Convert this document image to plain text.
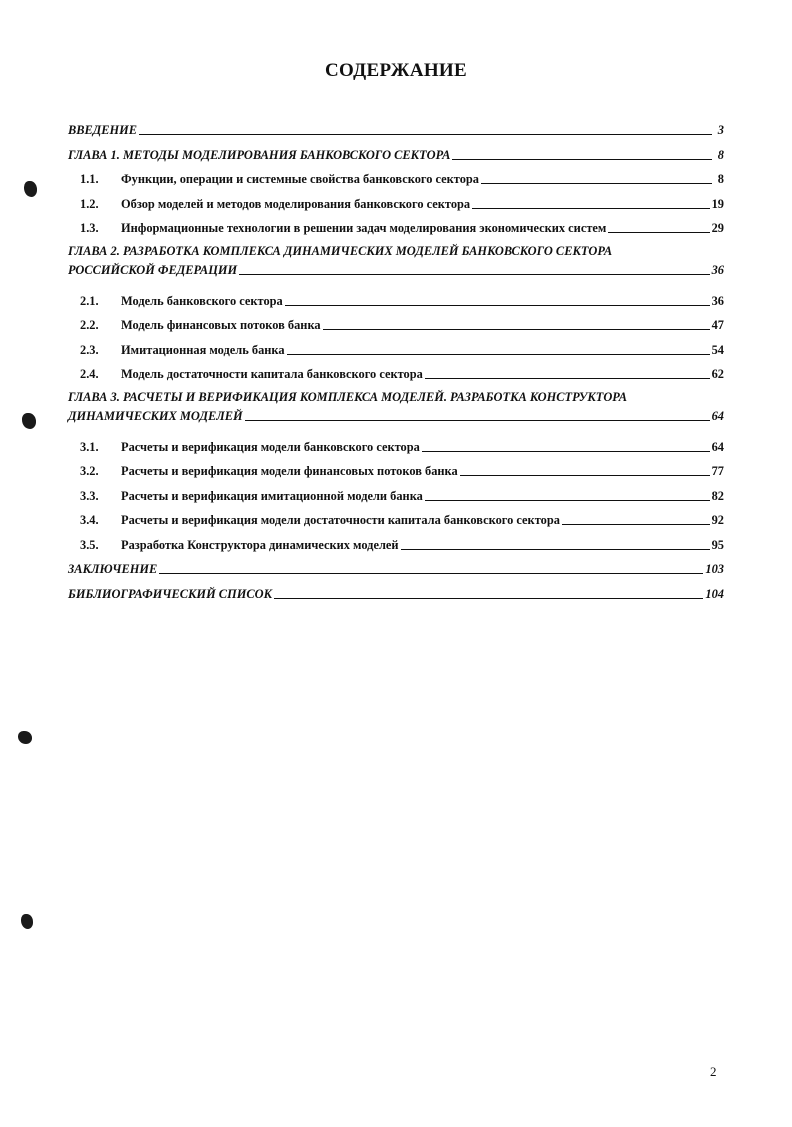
СОДЕРЖАНИЕ
ВВЕДЕНИЕ	3
ГЛАВА 1. МЕТОДЫ МОДЕЛИРОВАНИЯ БАНКОВСКОГО СЕКТОРА	8
1.1.	Функции, операции и системные свойства банковского сектора	8
1.2.	Обзор моделей и методов моделирования банковского сектора	19
1.3.	Информационные технологии в решении задач моделирования экономических систем	29
ГЛАВА 2. РАЗРАБОТКА КОМПЛЕКСА ДИНАМИЧЕСКИХ МОДЕЛЕЙ БАНКОВСКОГО СЕКТОРА
РОССИЙСКОЙ ФЕДЕРАЦИИ	36
2.1.	Модель банковского сектора	36
2.2.	Модель финансовых потоков банка	47
2.3.	Имитационная модель банка	54
2.4.	Модель достаточности капитала банковского сектора	62
ГЛАВА 3. РАСЧЕТЫ И ВЕРИФИКАЦИЯ КОМПЛЕКСА МОДЕЛЕЙ. РАЗРАБОТКА КОНСТРУКТОРА
ДИНАМИЧЕСКИХ МОДЕЛЕЙ	64
3.1.	Расчеты и верификация модели банковского сектора	64
3.2.	Расчеты и верификация модели финансовых потоков банка	77
3.3.	Расчеты и верификация имитационной модели банка	82
3.4.	Расчеты и верификация модели достаточности капитала банковского сектора	92
3.5.	Разработка Конструктора динамических моделей	95
ЗАКЛЮЧЕНИЕ	103
БИБЛИОГРАФИЧЕСКИЙ СПИСОК	104
2
